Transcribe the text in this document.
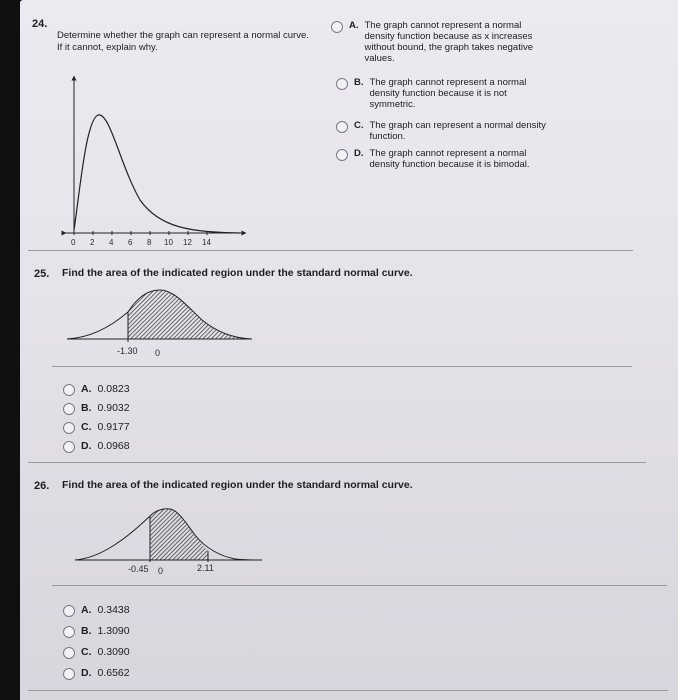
24.
Determine whether the graph can represent a normal curve. If it cannot, explain why.
0 2 4 6 8 10 12 14
A. The graph cannot represent a normal density function because as x increases without bound, the graph takes negative values.
B. The graph cannot represent a normal density function because it is not symmetric.
C. The graph can represent a normal density function.
D. The graph cannot represent a normal density function because it is bimodal.
25. Find the area of the indicated region under the standard normal curve.
-1.30 0
A. 0.0823
B. 0.9032
C. 0.9177
D. 0.0968
26. Find the area of the indicated region under the standard normal curve.
-0.45 0	2.11
A. 0.3438
B. 1.3090
C. 0.3090
D. 0.6562
